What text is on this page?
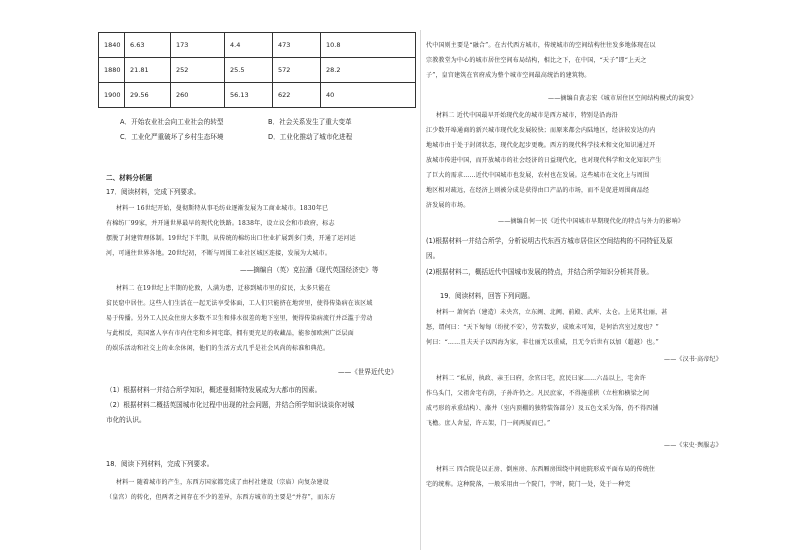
1840	6.63	173	4.4	473	10.8
1880	21.81	252	25.5	572	28.2
1900	29.56	260	56.13	622	40
A．开始农业社会向工业社会的转型	B．社会关系发生了重大变革
C．工业化严重破坏了乡村生态环境	D．工业化推动了城市化进程
二、材料分析题
17．阅读材料，完成下列要求。
材料一 16世纪开始，曼彻斯特从事毛纺业逐渐发展为工商业城市。1830年已
有棉纺厂99家，并开通世界最早的现代化铁路。1838年，设立议会和市政府，标志
摆脱了封建管理体制。19世纪下半期，从传统的棉纺出口往业扩展到多门类，开通了运河运
河，可通往世界各地。20世纪初，不断与周围工业社区城区连接，发展为大城市。
——摘编自（英）克拉潘《现代英国经济史》等
材料二 在19世纪上半期的伦敦，人满为患，迁移到城市里的贫民，太多只能在
贫民窟中居住。这些人们生活在一起无法享受体面，工人们只能挤在地窖里，使得传染病在该区域
易于传播。另外工人民众住房大多数不卫生和排水很差的地下室里，便得传染病流行并泛滥于劳动
与此相反，英国富人享有市内住宅和乡间宅邸，拥有更充足的收藏品，能参加欧洲广泛层面
的娱乐活动和社交上的业余休闲，他们的生活方式几乎是社会风尚的标准和典范。
——《世界近代史》
（1）根据材料一并结合所学知识，概述曼彻斯特发展成为大都市的因素。
（2）根据材料二概括英国城市化过程中出现的社会问题，并结合所学知识谈谈你对城
市化的认识。
18．阅读下列材料，完成下列要求。
材料一 随着城市的产生，东西方国家都完成了由村社建设（宗庙）向复杂建设
（皇宫）的转化，但两者之间存在不少的差异，东西方城市的主要是“并存”，而东方
代中国则主要是“融合”。在古代西方城市，传统城市的空间结构往往发多地体现在以
宗教教堂为中心的城市居住空间布局结构，相比之下，在中国，“天子”即“上天之
子”，皇宫建筑在官府成为整个城市空间最高统治的建筑物。
——摘编自黄志宏《城市居住区空间结构模式的演变》
材料二 近代中国最早开始现代化的城市是西方城市，特别是沿海沿
江少数开埠通商的新兴城市现代化发展较快；而原来都会内陆地区，经济较发达的内
地城市由于处于封闭状态，现代化起步更晚。西方的现代科学技术和文化知识通过开
放城市传进中国，而开放城市的社会经济的日益现代化，也对现代科学和文化知识产生
了巨大的需求……近代中国城市也发展，农村也在发展。这些城市在文化上与周围
地区相对疏远，在经济上则被分成是获得由口产品的市场，而不是促进周围商品经
济发展的市场。
——摘编自何一民《近代中国城市早期现代化的特点与外力的影响》
(1)根据材料一并结合所学，分析说明古代东西方城市居住区空间结构的不同特征及原
因。
(2)根据材料二，概括近代中国城市发展的特点，并结合所学知识分析其背景。
19．阅读材料，回答下列问题。
材料一 萧何治（建造）未央宫，立东阙、北阙、前殿、武库、太仓。上见其壮丽，甚
怒，谓何曰：“天下匈匈（纷扰不安），劳苦数岁，成败未可知，是何治宫室过度也？”
何曰：“……且夫天子以四海为家，非壮丽无以重威，且无令后世有以加（超越）也。”
——《汉书·高帝纪》
材料二 “私居，执政、亲王曰府，余官曰宅，庶民曰家……六品以上，宅舍许
作乌头门，父祖舍宅有荫，子孙许仍之。凡民庶家，不得施重栱（立柱和横梁之间
成弓形的承重结构）、藻井（室内顶棚的独特装饰部分）及五色文采为饰，仍不得四铺
飞檐。庶人舍屋，许五架，门一间两厦而已。”
——《宋史·舆服志》
材料三 四合院是以正房、倒座房、东西厢房围绕中间庭院形成平面布局的传统住
宅的统称。这种院落，一般采用由一个院门，宇时，院门一处，处于一种完
